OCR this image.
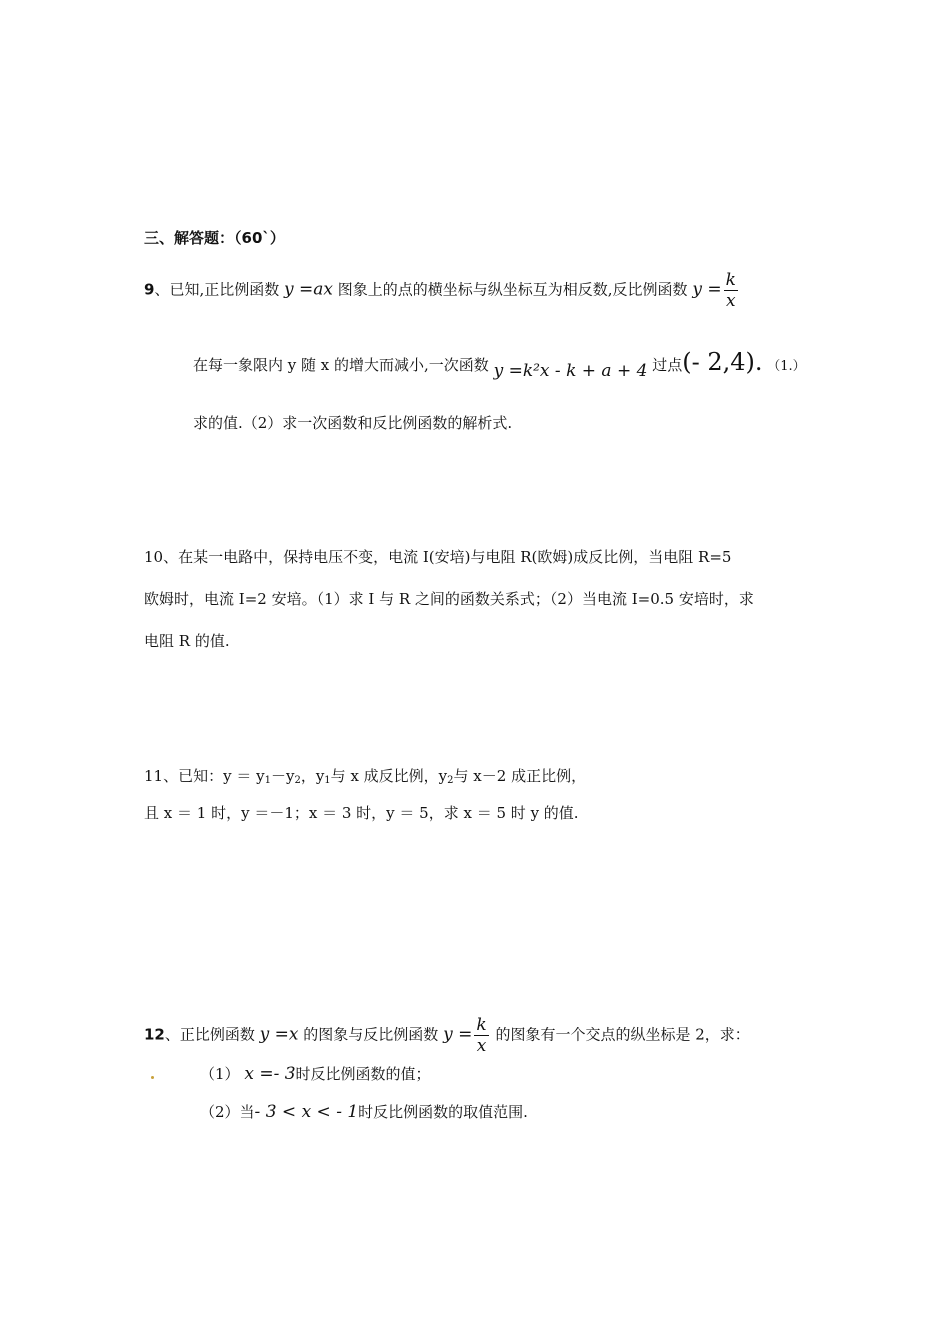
三、解答题：（60`）
9、已知,正比例函数 y =ax 图象上的点的横坐标与纵坐标互为相反数,反比例函数 $y = \frac{k}{x}$
在每一象限内 y 随 x 的增大而减小,一次函数 y =k²x - k + a + 4 过点(- 2,4). （1.）
求的值.（2）求一次函数和反比例函数的解析式.
10、在某一电路中，保持电压不变，电流 I(安培)与电阻 R(欧姆)成反比例，当电阻 R=5
欧姆时，电流 I=2 安培。（1）求 I 与 R 之间的函数关系式；（2）当电流 I=0.5 安培时，求
电阻 R 的值.
11、已知：$y = y_1-y_2$，$y_1$与 x 成反比例，$y_2$与 x－2 成正比例，
且 x ＝ 1 时，y ＝－1；x ＝ 3 时，y ＝ 5，求 x ＝ 5 时 y 的值.
12、正比例函数 y =x 的图象与反比例函数 $y = \frac{k}{x}$ 的图象有一个交点的纵坐标是 2，求：
（1） x =- 3时反比例函数的值；
（2）当- 3 < x < - 1时反比例函数的取值范围.
